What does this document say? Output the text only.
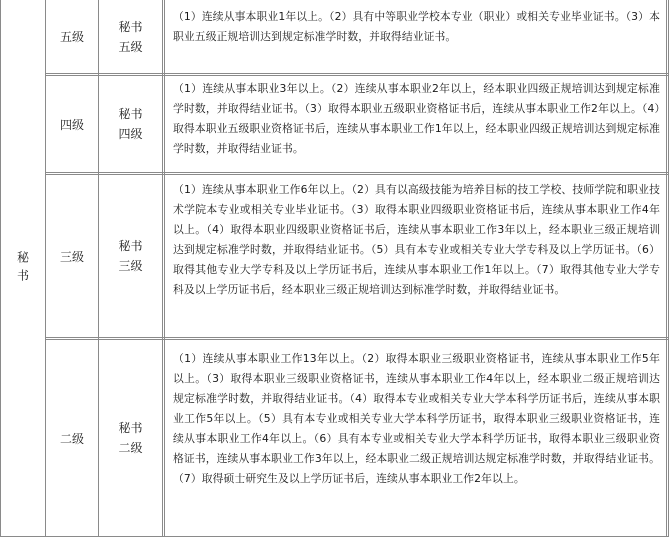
秘书
五级
秘书
五级

（1）连续从事本职业1年以上。（2）具有中等职业学校本专业（职业）或相关专业毕业证书。（3）本职业五级正规培训达到规定标准学时数，并取得结业证书。

四级
秘书
四级

（1）连续从事本职业3年以上。（2）连续从事本职业2年以上，经本职业四级正规培训达到规定标准学时数，并取得结业证书。（3）取得本职业五级职业资格证书后，连续从事本职业工作2年以上。（4）取得本职业五级职业资格证书后，连续从事本职业工作1年以上，经本职业四级正规培训达到规定标准学时数，并取得结业证书。

三级
秘书
三级

（1）连续从事本职业工作6年以上。（2）具有以高级技能为培养目标的技工学校、技师学院和职业技术学院本专业或相关专业毕业证书。（3）取得本职业四级职业资格证书后，连续从事本职业工作4年以上。（4）取得本职业四级职业资格证书后，连续从事本职业工作3年以上，经本职业三级正规培训达到规定标准学时数，并取得结业证书。（5）具有本专业或相关专业大学专科及以上学历证书。（6）取得其他专业大学专科及以上学历证书后，连续从事本职业工作1年以上。（7）取得其他专业大学专科及以上学历证书后，经本职业三级正规培训达到标准学时数，并取得结业证书。

二级
秘书
二级

（1）连续从事本职业工作13年以上。（2）取得本职业三级职业资格证书，连续从事本职业工作5年以上。（3）取得本职业三级职业资格证书，连续从事本职业工作4年以上，经本职业二级正规培训达规定标准学时数，并取得结业证书。（4）取得本专业或相关专业大学本科学历证书后，连续从事本职业工作5年以上。（5）具有本专业或相关专业大学本科学历证书，取得本职业三级职业资格证书，连续从事本职业工作4年以上。（6）具有本专业或相关专业大学本科学历证书，取得本职业三级职业资格证书，连续从事本职业工作3年以上，经本职业二级正规培训达规定标准学时数，并取得结业证书。（7）取得硕士研究生及以上学历证书后，连续从事本职业工作2年以上。
